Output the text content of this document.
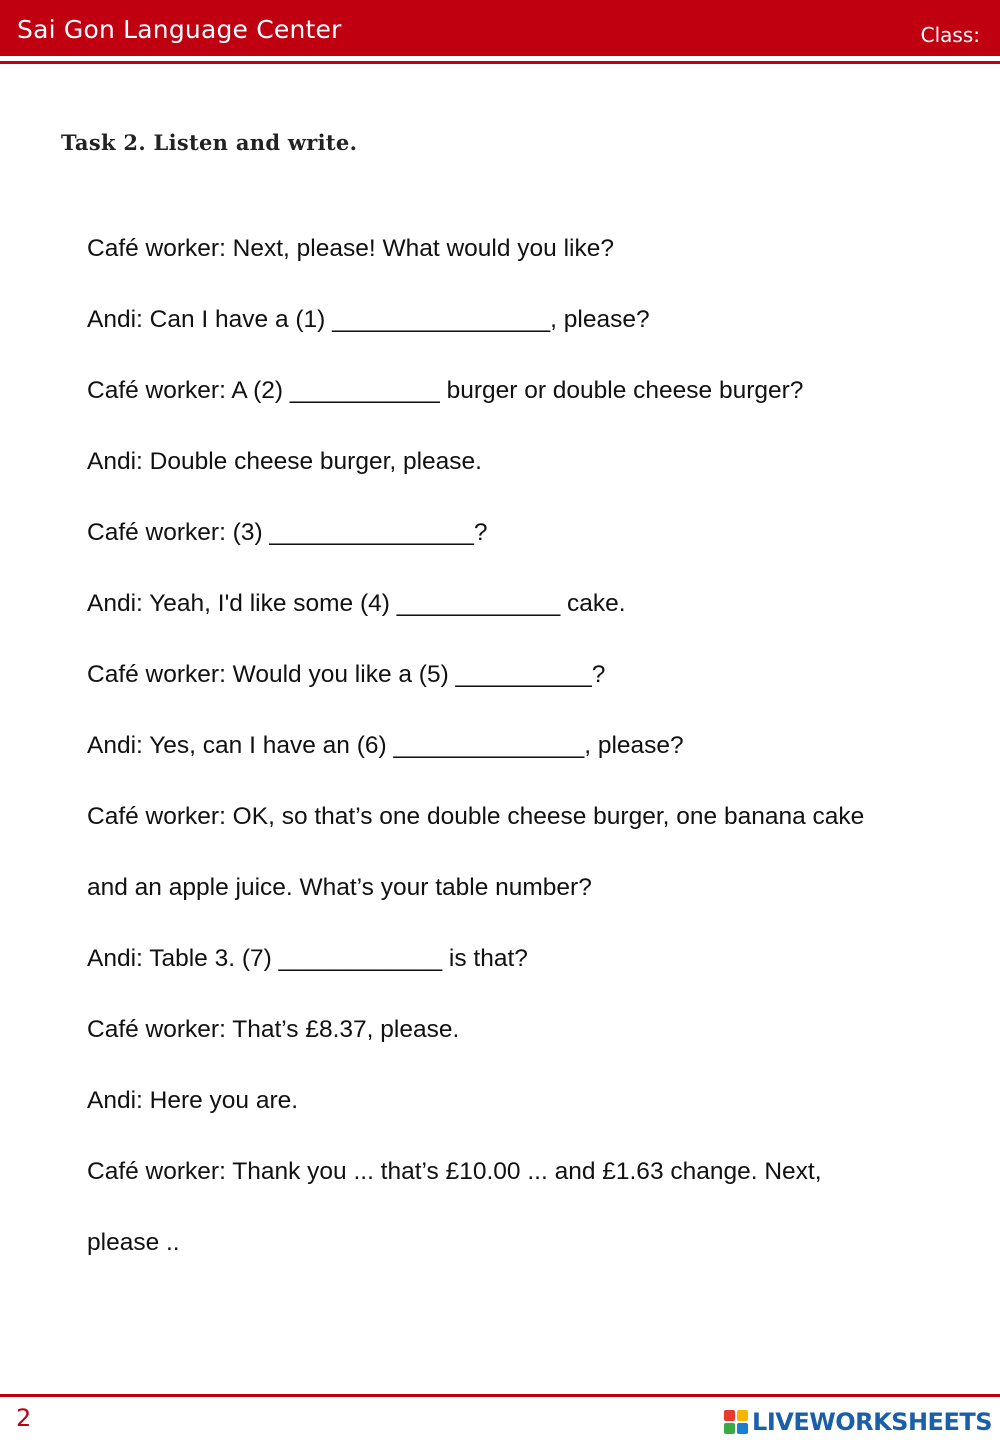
Sai Gon Language Center	Class:
Task 2. Listen and write.
Café worker: Next, please! What would you like?
Andi: Can I have a (1) ________________, please?
Café worker: A (2) ___________ burger or double cheese burger?
Andi: Double cheese burger, please.
Café worker: (3) _______________?
Andi: Yeah, I'd like some (4) ____________ cake.
Café worker: Would you like a (5) __________?
Andi: Yes, can I have an (6) ______________, please?
Café worker: OK, so that’s one double cheese burger, one banana cake
and an apple juice. What’s your table number?
Andi: Table 3. (7) ____________ is that?
Café worker: That’s £8.37, please.
Andi: Here you are.
Café worker: Thank you ... that’s £10.00 ... and £1.63 change. Next,
please ..
2	LIVEWORKSHEETS
